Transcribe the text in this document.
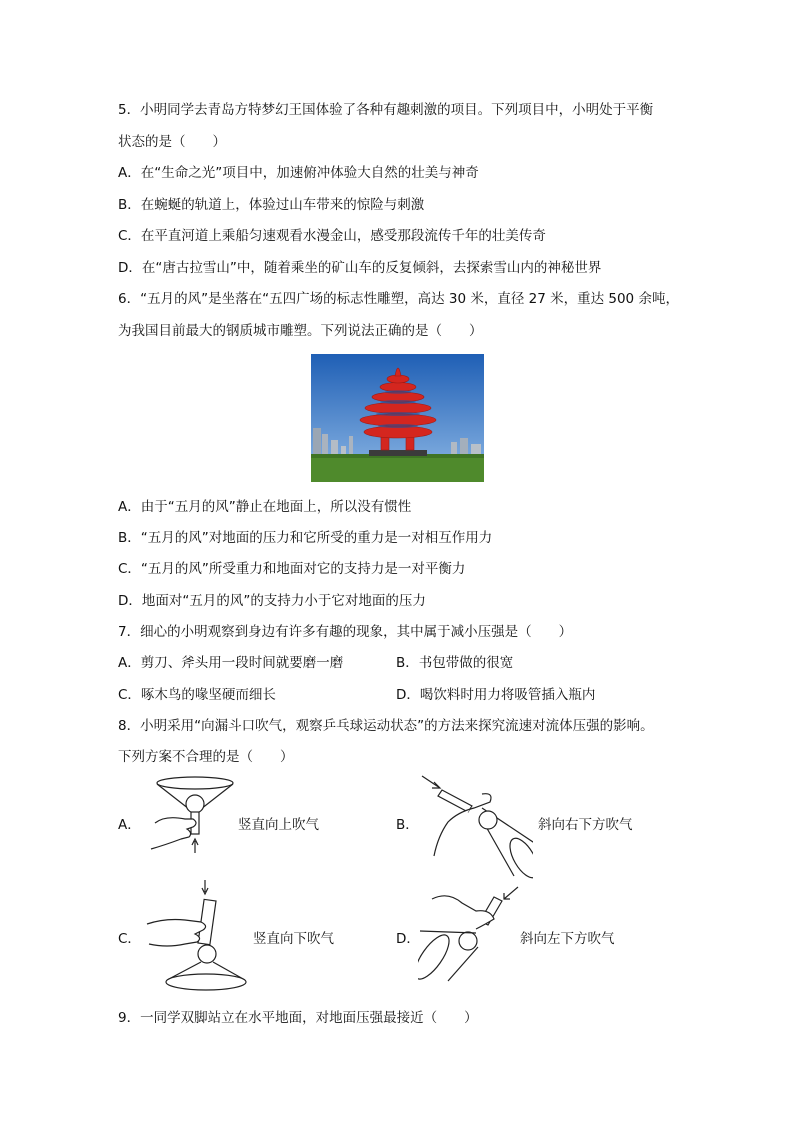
5．小明同学去青岛方特梦幻王国体验了各种有趣刺激的项目。下列项目中，小明处于平衡
状态的是（　　）
A．在“生命之光”项目中，加速俯冲体验大自然的壮美与神奇
B．在蜿蜒的轨道上，体验过山车带来的惊险与刺激
C．在平直河道上乘船匀速观看水漫金山，感受那段流传千年的壮美传奇
D．在“唐古拉雪山”中，随着乘坐的矿山车的反复倾斜，去探索雪山内的神秘世界
6．“五月的风”是坐落在“五四广场的标志性雕塑，高达 30 米，直径 27 米，重达 500 余吨，
为我国目前最大的钢质城市雕塑。下列说法正确的是（　　）
A．由于“五月的风”静止在地面上，所以没有惯性
B．“五月的风”对地面的压力和它所受的重力是一对相互作用力
C．“五月的风”所受重力和地面对它的支持力是一对平衡力
D．地面对“五月的风”的支持力小于它对地面的压力
7．细心的小明观察到身边有许多有趣的现象，其中属于减小压强是（　　）
A．剪刀、斧头用一段时间就要磨一磨	B．书包带做的很宽
C．啄木鸟的喙坚硬而细长	D．喝饮料时用力将吸管插入瓶内
8．小明采用“向漏斗口吹气，观察乒乓球运动状态”的方法来探究流速对流体压强的影响。
下列方案不合理的是（　　）
A．	竖直向上吹气	B．	斜向右下方吹气
C．	竖直向下吹气	D．	斜向左下方吹气
9．一同学双脚站立在水平地面，对地面压强最接近（　　）
